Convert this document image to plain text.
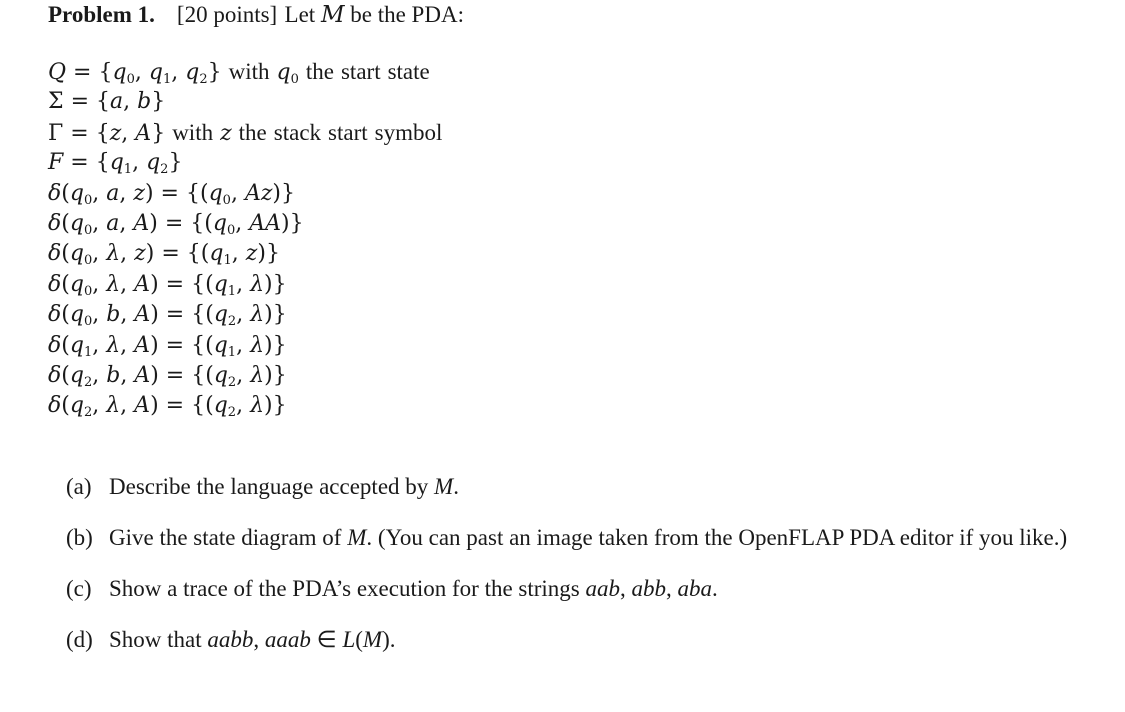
Problem 1. [20 points] Let M be the PDA:
$Q = \{q_0$, $q_1$, $q_2$} with $q_0$ the start state
Σ = {a, b}
Γ = {z, A} with z the stack start symbol
$F = \{q_1$, $q_2$}
$\delta(q_0$, a, $z) = \{(q_0$, Az)}
$\delta(q_0$, a, $A) = \{(q_0$, AA)}
$\delta(q_0$, λ, $z) = \{(q_1$, z)}
$\delta(q_0$, λ, $A) = \{(q_1$, λ)}
$\delta(q_0$, b, $A) = \{(q_2$, λ)}
$\delta(q_1$, λ, $A) = \{(q_1$, λ)}
$\delta(q_2$, b, $A) = \{(q_2$, λ)}
$\delta(q_2$, λ, $A) = \{(q_2$, λ)}
(a) Describe the language accepted by M.
(b) Give the state diagram of M. (You can past an image taken from the OpenFLAP PDA editor if you like.)
(c) Show a trace of the PDA’s execution for the strings aab, abb, aba.
(d) Show that aabb, aaab ∈ L(M).
